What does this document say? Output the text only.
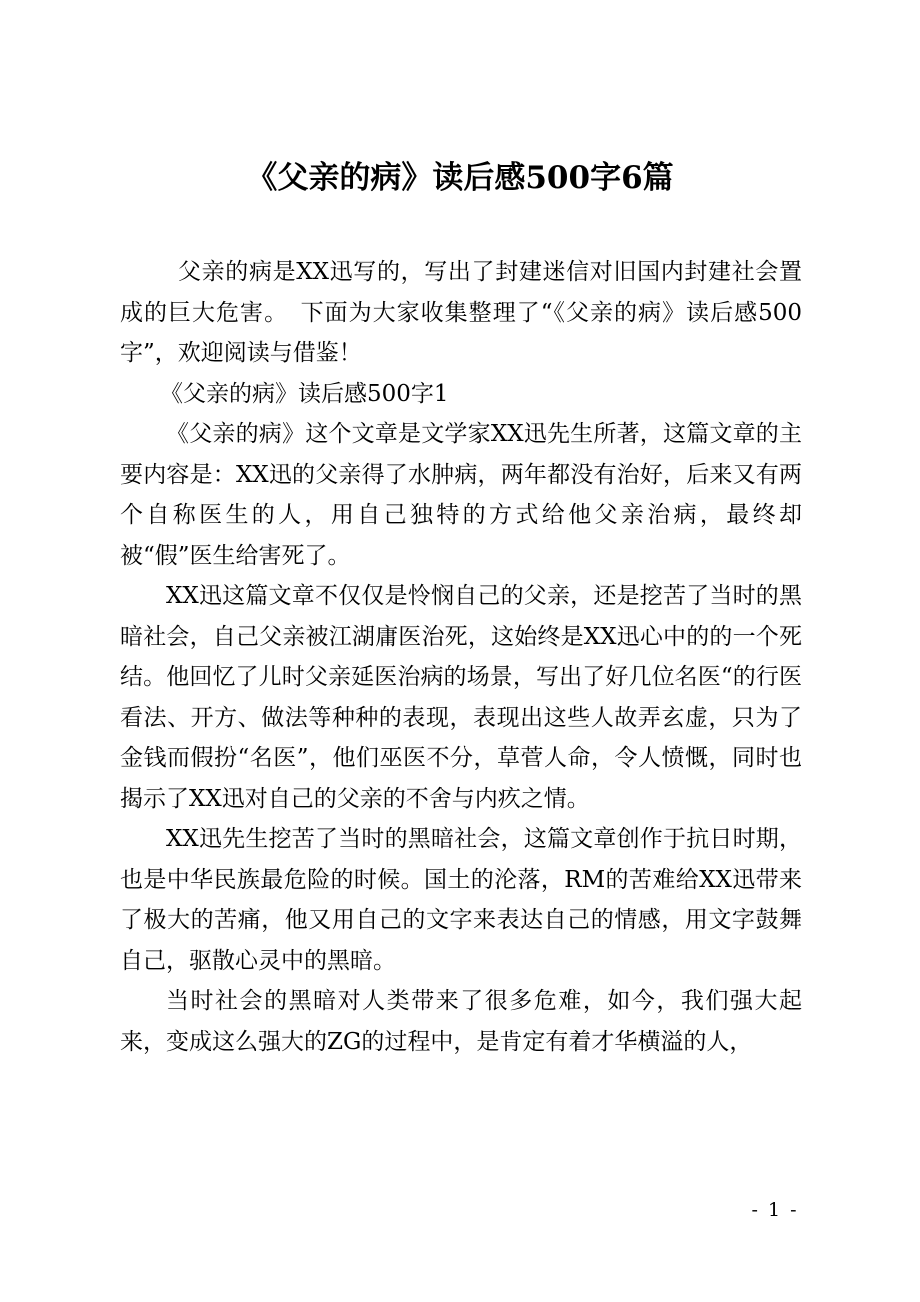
《父亲的病》读后感500字6篇

父亲的病是XX迅写的，写出了封建迷信对旧国内封建社会置成的巨大危害。　下面为大家收集整理了“《父亲的病》读后感500字”，欢迎阅读与借鉴！

《父亲的病》读后感500字1

《父亲的病》这个文章是文学家XX迅先生所著，这篇文章的主要内容是：XX迅的父亲得了水肿病，两年都没有治好，后来又有两个自称医生的人，用自己独特的方式给他父亲治病，最终却被“假”医生给害死了。

XX迅这篇文章不仅仅是怜悯自己的父亲，还是挖苦了当时的黑暗社会，自己父亲被江湖庸医治死，这始终是XX迅心中的的一个死结。他回忆了儿时父亲延医治病的场景，写出了好几位名医“的行医看法、开方、做法等种种的表现，表现出这些人故弄玄虚，只为了金钱而假扮“名医”，他们巫医不分，草菅人命，令人愤慨，同时也揭示了XX迅对自己的父亲的不舍与内疚之情。

XX迅先生挖苦了当时的黑暗社会，这篇文章创作于抗日时期，也是中华民族最危险的时候。国土的沦落，RM的苦难给XX迅带来了极大的苦痛，他又用自己的文字来表达自己的情感，用文字鼓舞自己，驱散心灵中的黑暗。

当时社会的黑暗对人类带来了很多危难，如今，我们强大起来，变成这么强大的ZG的过程中，是肯定有着才华横溢的人，

- 1 -
